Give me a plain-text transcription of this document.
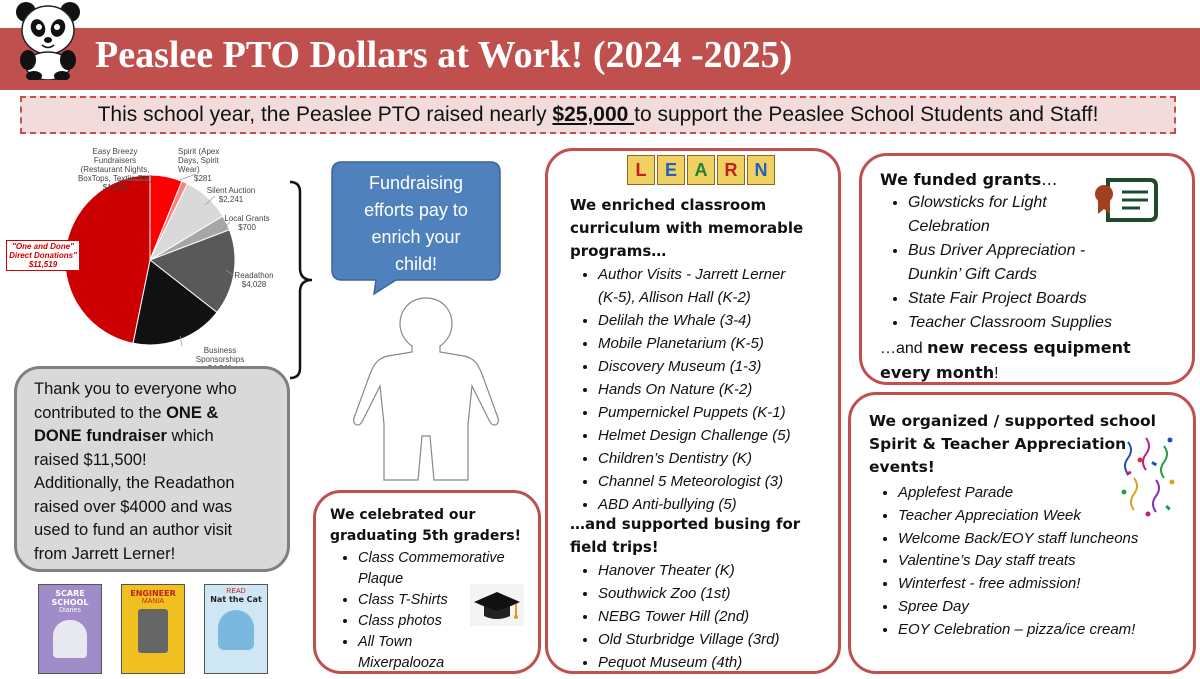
Peaslee PTO Dollars at Work! (2024 -2025)
This school year, the Peaslee PTO raised nearly $25,000 to support the Peaslee School Students and Staff!
Easy Breezy Fundraisers (Restaurant Nights, BoxTops, Textile Bin)
$1,506
Spirit (Apex Days, Spirit Wear)
$281
Silent Auction
$2,241
Local Grants
$700
Readathon
$4,028
Business Sponsorships
"One and Done" Direct Donations"
$11,519
Thank you to everyone who
contributed to the ONE &
DONE fundraiser which
raised $11,500!
Additionally, the Readathon
raised over $4000 and was
used to fund an author visit
from Jarrett Lerner!
SCARE SCHOOL
Diaries
ENGINEER
MANIA
READ
Nat the Cat
Fundraising
efforts pay to
enrich your
child!
We celebrated our
graduating 5th graders!
• Class Commemorative
Plaque
• Class T-Shirts
• Class photos
• All Town
Mixerpalooza
L	E A R N
We enriched classroom
curriculum with memorable
programs…
• Author Visits - Jarrett Lerner
(K-5), Allison Hall (K-2)
• Delilah the Whale (3-4)
• Mobile Planetarium (K-5)
• Discovery Museum (1-3)
• Hands On Nature (K-2)
• Pumpernickel Puppets (K-1)
• Helmet Design Challenge (5)
• Children’s Dentistry (K)
• Channel 5 Meteorologist (3)
• ABD Anti-bullying (5)
…and supported busing for
field trips!
• Hanover Theater (K)
• Southwick Zoo (1st)
• NEBG Tower Hill (2nd)
• Old Sturbridge Village (3rd)
• Pequot Museum (4th)
We funded grants…
• Glowsticks for Light
Celebration
• Bus Driver Appreciation -
Dunkin’ Gift Cards
• State Fair Project Boards
• Teacher Classroom Supplies
…and new recess equipment
every month!
We organized / supported school
Spirit & Teacher Appreciation
events!
• Applefest Parade
• Teacher Appreciation Week
• Welcome Back/EOY staff luncheons
• Valentine’s Day staff treats
• Winterfest - free admission!
• Spree Day
• EOY Celebration – pizza/ice cream!
